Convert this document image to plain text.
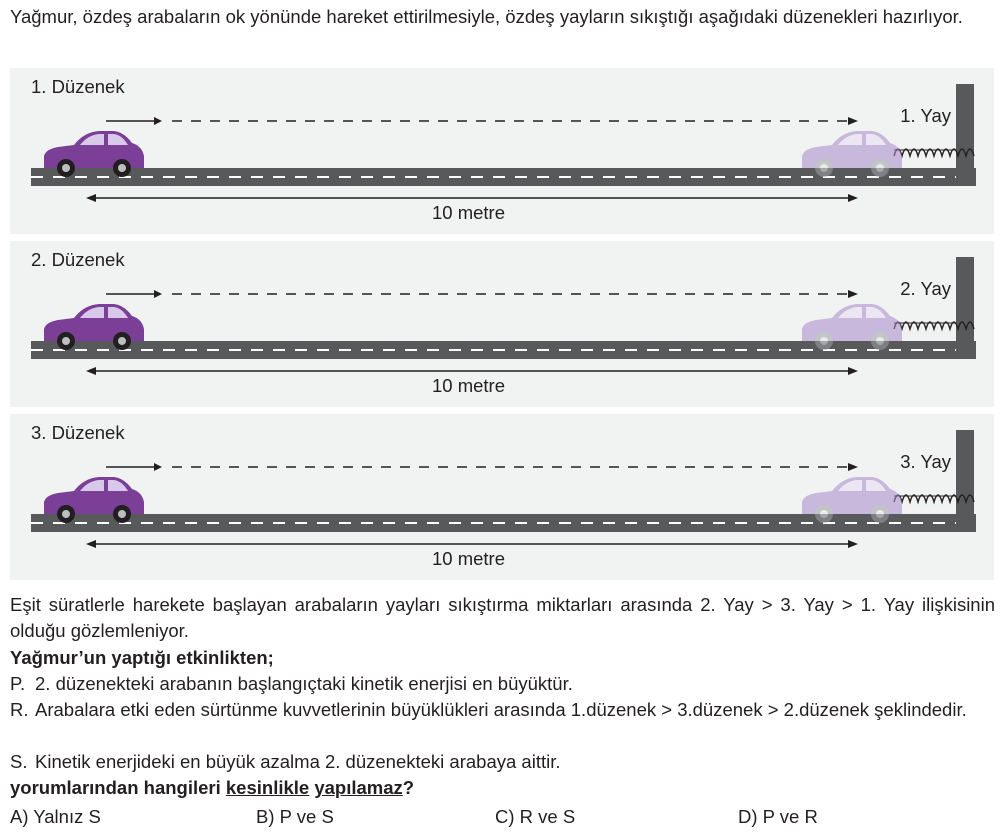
Yağmur, özdeş arabaların ok yönünde hareket ettirilmesiyle, özdeş yayların sıkıştığı aşağıdaki düzenekleri hazırlıyor.
1. Düzenek
1. Yay
10 metre
2. Düzenek
2. Yay
10 metre
3. Düzenek
3. Yay
10 metre
Eşit süratlerle harekete başlayan arabaların yayları sıkıştırma miktarları arasında 2. Yay > 3. Yay > 1. Yay ilişkisinin olduğu gözlemleniyor.
Yağmur’un yaptığı etkinlikten;
P. 2. düzenekteki arabanın başlangıçtaki kinetik enerjisi en büyüktür.
R. Arabalara etki eden sürtünme kuvvetlerinin büyüklükleri arasında 1.düzenek > 3.düzenek > 2.düzenek şeklindedir.
S. Kinetik enerjideki en büyük azalma 2. düzenekteki arabaya aittir.
yorumlarından hangileri kesinlikle yapılamaz?
A) Yalnız S	B) P ve S	C) R ve S	D) P ve R
